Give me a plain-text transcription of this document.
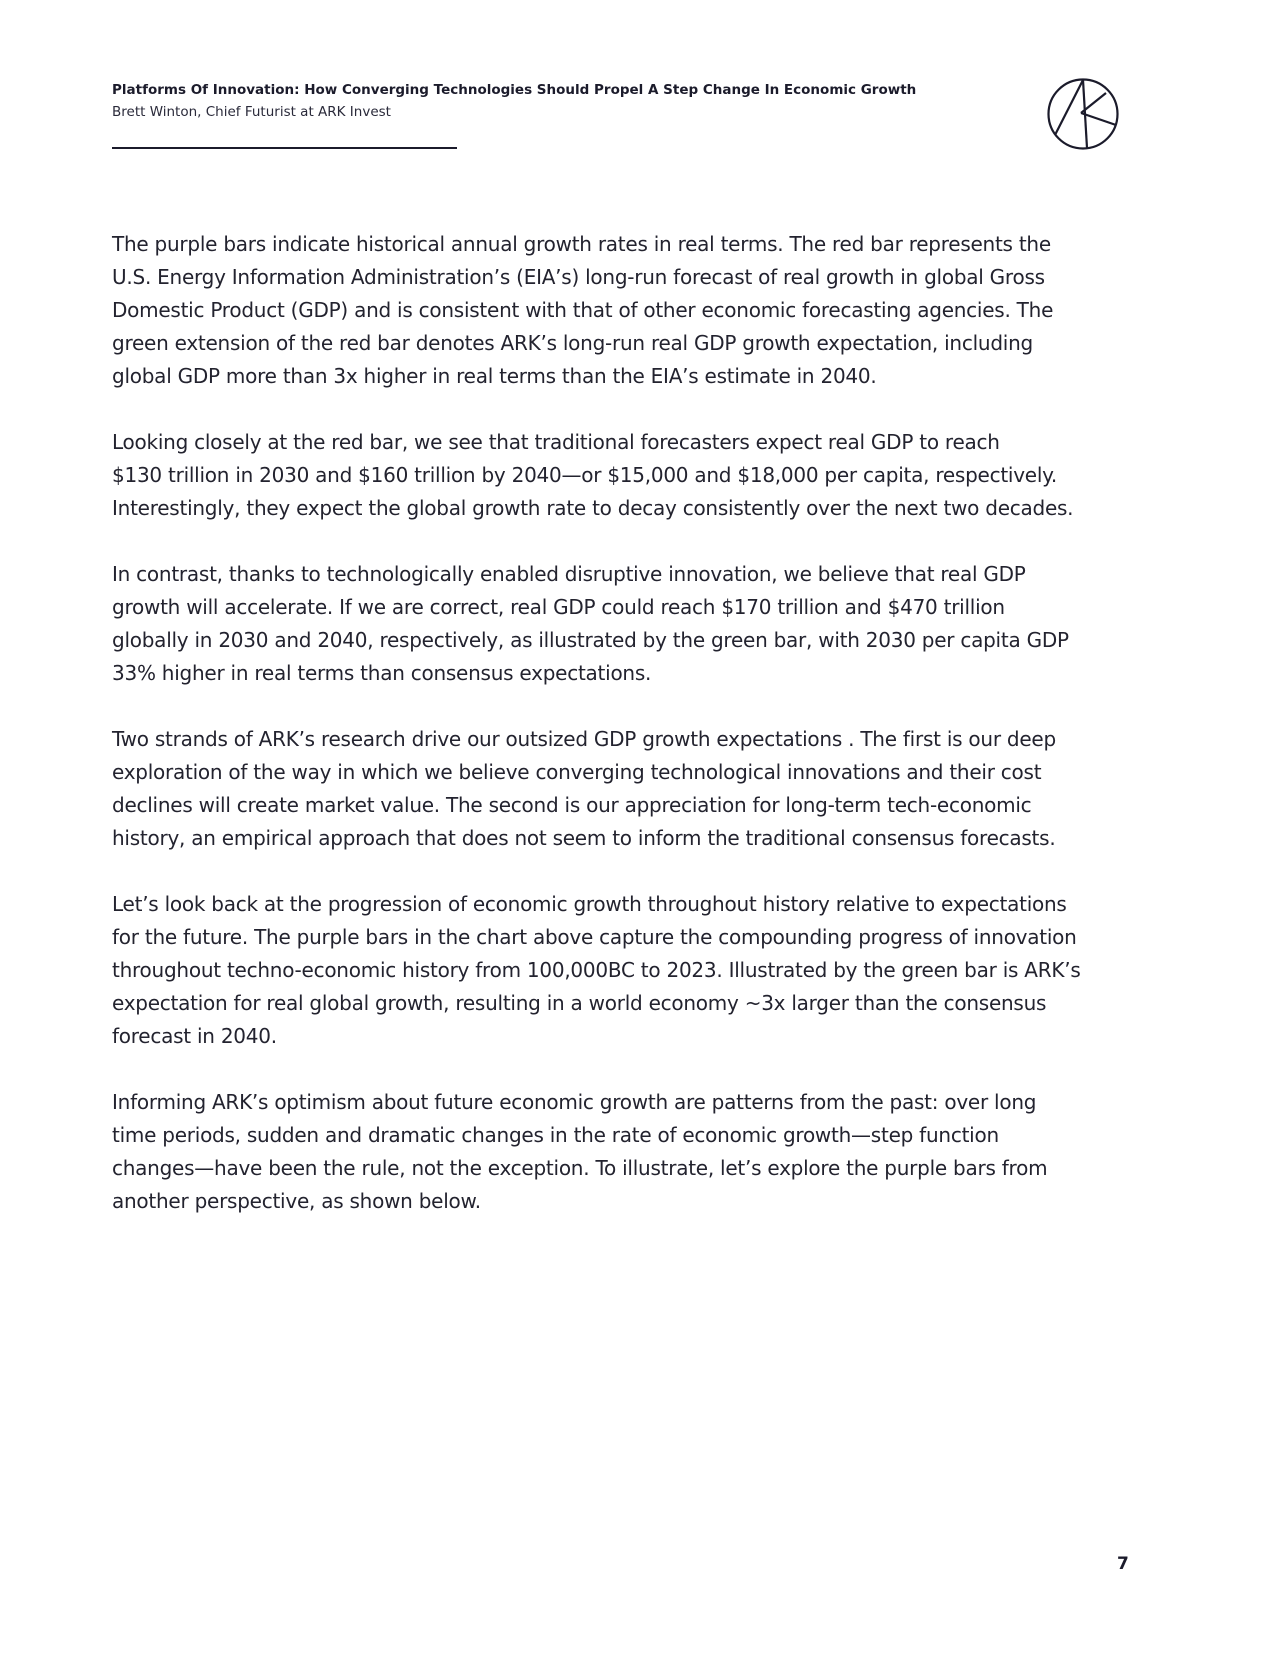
Platforms Of Innovation: How Converging Technologies Should Propel A Step Change In Economic Growth
Brett Winton, Chief Futurist at ARK Invest

The purple bars indicate historical annual growth rates in real terms. The red bar represents the
U.S. Energy Information Administration’s (EIA’s) long-run forecast of real growth in global Gross
Domestic Product (GDP) and is consistent with that of other economic forecasting agencies. The
green extension of the red bar denotes ARK’s long-run real GDP growth expectation, including
global GDP more than 3x higher in real terms than the EIA’s estimate in 2040.

Looking closely at the red bar, we see that traditional forecasters expect real GDP to reach
$130 trillion in 2030 and $160 trillion by 2040—or $15,000 and $18,000 per capita, respectively.
Interestingly, they expect the global growth rate to decay consistently over the next two decades.

In contrast, thanks to technologically enabled disruptive innovation, we believe that real GDP
growth will accelerate. If we are correct, real GDP could reach $170 trillion and $470 trillion
globally in 2030 and 2040, respectively, as illustrated by the green bar, with 2030 per capita GDP
33% higher in real terms than consensus expectations.

Two strands of ARK’s research drive our outsized GDP growth expectations . The first is our deep
exploration of the way in which we believe converging technological innovations and their cost
declines will create market value. The second is our appreciation for long-term tech-economic
history, an empirical approach that does not seem to inform the traditional consensus forecasts.

Let’s look back at the progression of economic growth throughout history relative to expectations
for the future. The purple bars in the chart above capture the compounding progress of innovation
throughout techno-economic history from 100,000BC to 2023. Illustrated by the green bar is ARK’s
expectation for real global growth, resulting in a world economy ~3x larger than the consensus
forecast in 2040.

Informing ARK’s optimism about future economic growth are patterns from the past: over long
time periods, sudden and dramatic changes in the rate of economic growth—step function
changes—have been the rule, not the exception. To illustrate, let’s explore the purple bars from
another perspective, as shown below.

7
